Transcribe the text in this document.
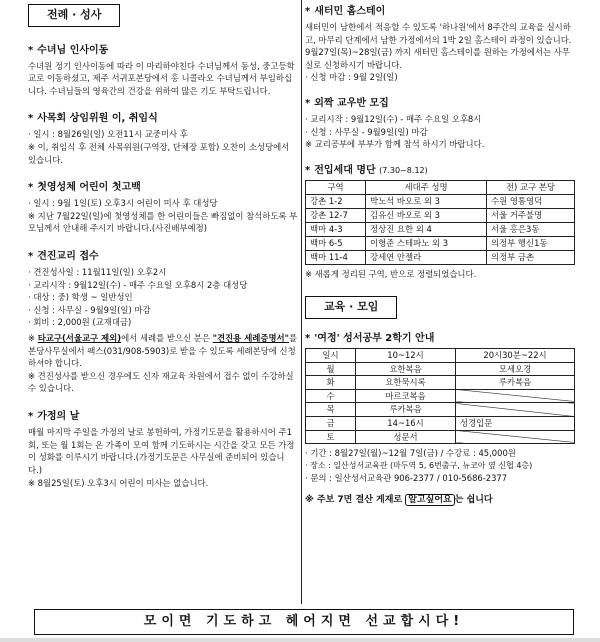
전례 · 성사
* 수녀님 인사이동
수녀원 정기 인사이동에 따라 이 마리하야친다 수녀님께서 동성, 중고등학교로 이동하셨고, 제주 서귀포본당에서 홍 니콜라오 수녀님께서 부임하십니다. 수녀님들의 영육간의 건강을 위하여 많은 기도 부탁드립니다.
* 사목회 상임위원 이, 취임식
· 일시 : 8월26일(일) 오전11시 교중미사 후
※ 이, 취임식 후 전체 사목위원(구역장, 단체장 포함) 오찬이 소성당에서 있습니다.
* 첫영성체 어린이 첫고백
· 일시 : 9월 1일(토) 오후3시 어린이 미사 후 대성당
※ 지난 7월22일(일)에 첫영성체를 한 어린이들은 빠짐없이 참석하도록 부모님께서 안내해 주시기 바랍니다.(사진배부예정)
* 견진교리 접수
· 견진성사일 : 11월11일(일) 오후2시
· 교리시작 : 9월12일(수) - 매주 수요일 오후8시 2층 대성당
· 대상 : 중) 학생 ~ 일반성인
· 신청 : 사무실 - 9월9일(일) 마감
· 회비 : 2,000원 (교재대금)
※ 타교구(서울교구 제외)에서 세례를 받으신 분은 "견진용 세례증명서"를 본당사무실에서 팩스(031/908-5903)로 받을 수 있도록 세례본당에 신청하셔야 합니다.
※ 견진성사를 받으신 경우에도 신자 재교육 차원에서 접수 없이 수강하실 수 있습니다.
* 가정의 날
매월 마지막 주일을 가정의 날로 봉헌하여, 가정기도문을 활용하시어 주1회, 또는 월 1회는 온 가족이 모여 함께 기도하시는 시간을 갖고 모든 가정이 성화를 이루시기 바랍니다.(가정기도문은 사무실에 준비되어 있습니다.)
※ 8월25일(토) 오후3시 어린이 미사는 없습니다.
* 새터민 홈스테이
새터민이 남한에서 적응할 수 있도록 '하나원'에서 8주간의 교육을 실시하고, 마무리 단계에서 남한 가정에서의 1박 2일 홈스테이 과정이 있습니다. 9월27일(목)~28일(금) 까지 새터민 홈스테이를 원하는 가정에서는 사무실로 신청하시기 바랍니다.
· 신청 마감 : 9월 2일(일)
* 외짝 교우반 모집
· 교리시작 : 9월12일(수) - 매주 수요일 오후8시
· 신청 : 사무실 - 9월9일(일) 마감
※ 교리공부에 부부가 함께 참석 하시기 바랍니다.
* 전입세대 명단 (7.30~8.12)
구역	세대주 성명	전) 교구 본당
강촌 1-2	박노석 바오로 외 3	수원 영통영덕
강촌 12-7	김유신 바오로 외 3	서울 거주불명
백마 4-3	정상진 요한 외 4	서울 홍은3동
백마 6-5	이형준 스테파노 외 3	의정부 행신1동
백마 11-4	강세연 안젤라	의정부 금촌
※ 새롭게 정리된 구역, 반으로 정렬되었습니다.
교육 · 모임
* '여정' 성서공부 2학기 안내
일시	10~12시	20시30분~22시
월	요한복음	모세오경
화	요한묵시록	루카복음
수	마르코복음	
목	루카복음	
금	14~16시	성경입문
토	성문서	
· 기간 : 8월27일(월)~12월 7일(금) / 수강료 : 45,000원
· 장소 : 일산성서교육관 (마두역 5, 6번출구, 뉴코아 옆 신협 4층)
· 문의 : 일산성서교육관 906-2377 / 010-5686-2377
※ 주보 7면 결산 게재로 알고싶어요 는 쉽니다
모이면 기도하고 헤어지면 선교합시다!
